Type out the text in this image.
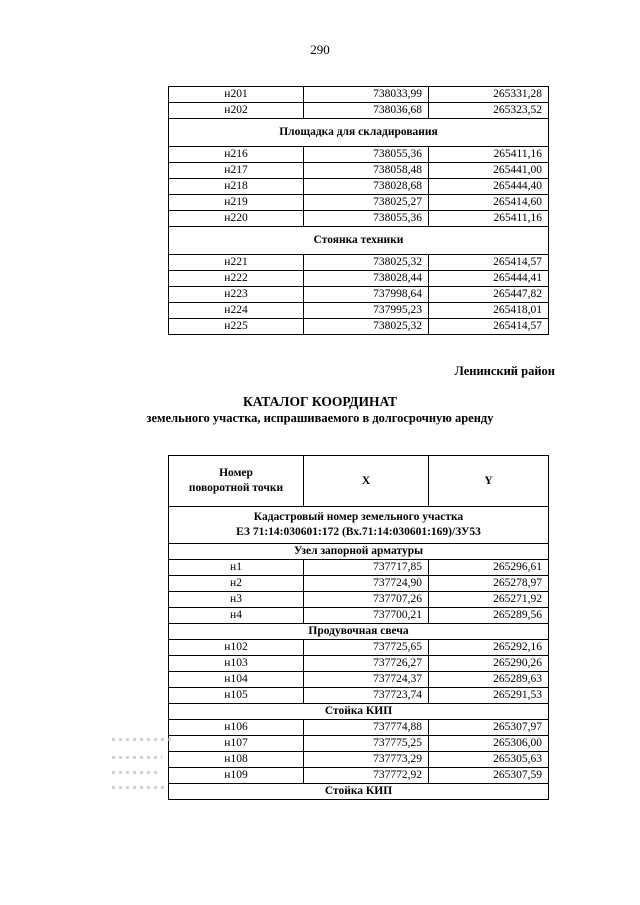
290
н201	738033,99	265331,28
н202	738036,68	265323,52
Площадка для складирования		
н216	738055,36	265411,16
н217	738058,48	265441,00
н218	738028,68	265444,40
н219	738025,27	265414,60
н220	738055,36	265411,16
Стоянка техники		
н221	738025,32	265414,57
н222	738028,44	265444,41
н223	737998,64	265447,82
н224	737995,23	265418,01
н225	738025,32	265414,57
Ленинский район
КАТАЛОГ КООРДИНАТ
земельного участка, испрашиваемого в долгосрочную аренду
Номер
поворотной точки	X	Y
Кадастровый номер земельного участка
ЕЗ 71:14:030601:172 (Вх.71:14:030601:169)/ЗУ53		
Узел запорной арматуры		
н1	737717,85	265296,61
н2	737724,90	265278,97
н3	737707,26	265271,92
н4	737700,21	265289,56
Продувочная свеча		
н102	737725,65	265292,16
н103	737726,27	265290,26
н104	737724,37	265289,63
н105	737723,74	265291,53
Стойка КИП		
н106	737774,88	265307,97
н107	737775,25	265306,00
н108	737773,29	265305,63
н109	737772,92	265307,59
Стойка КИП		
